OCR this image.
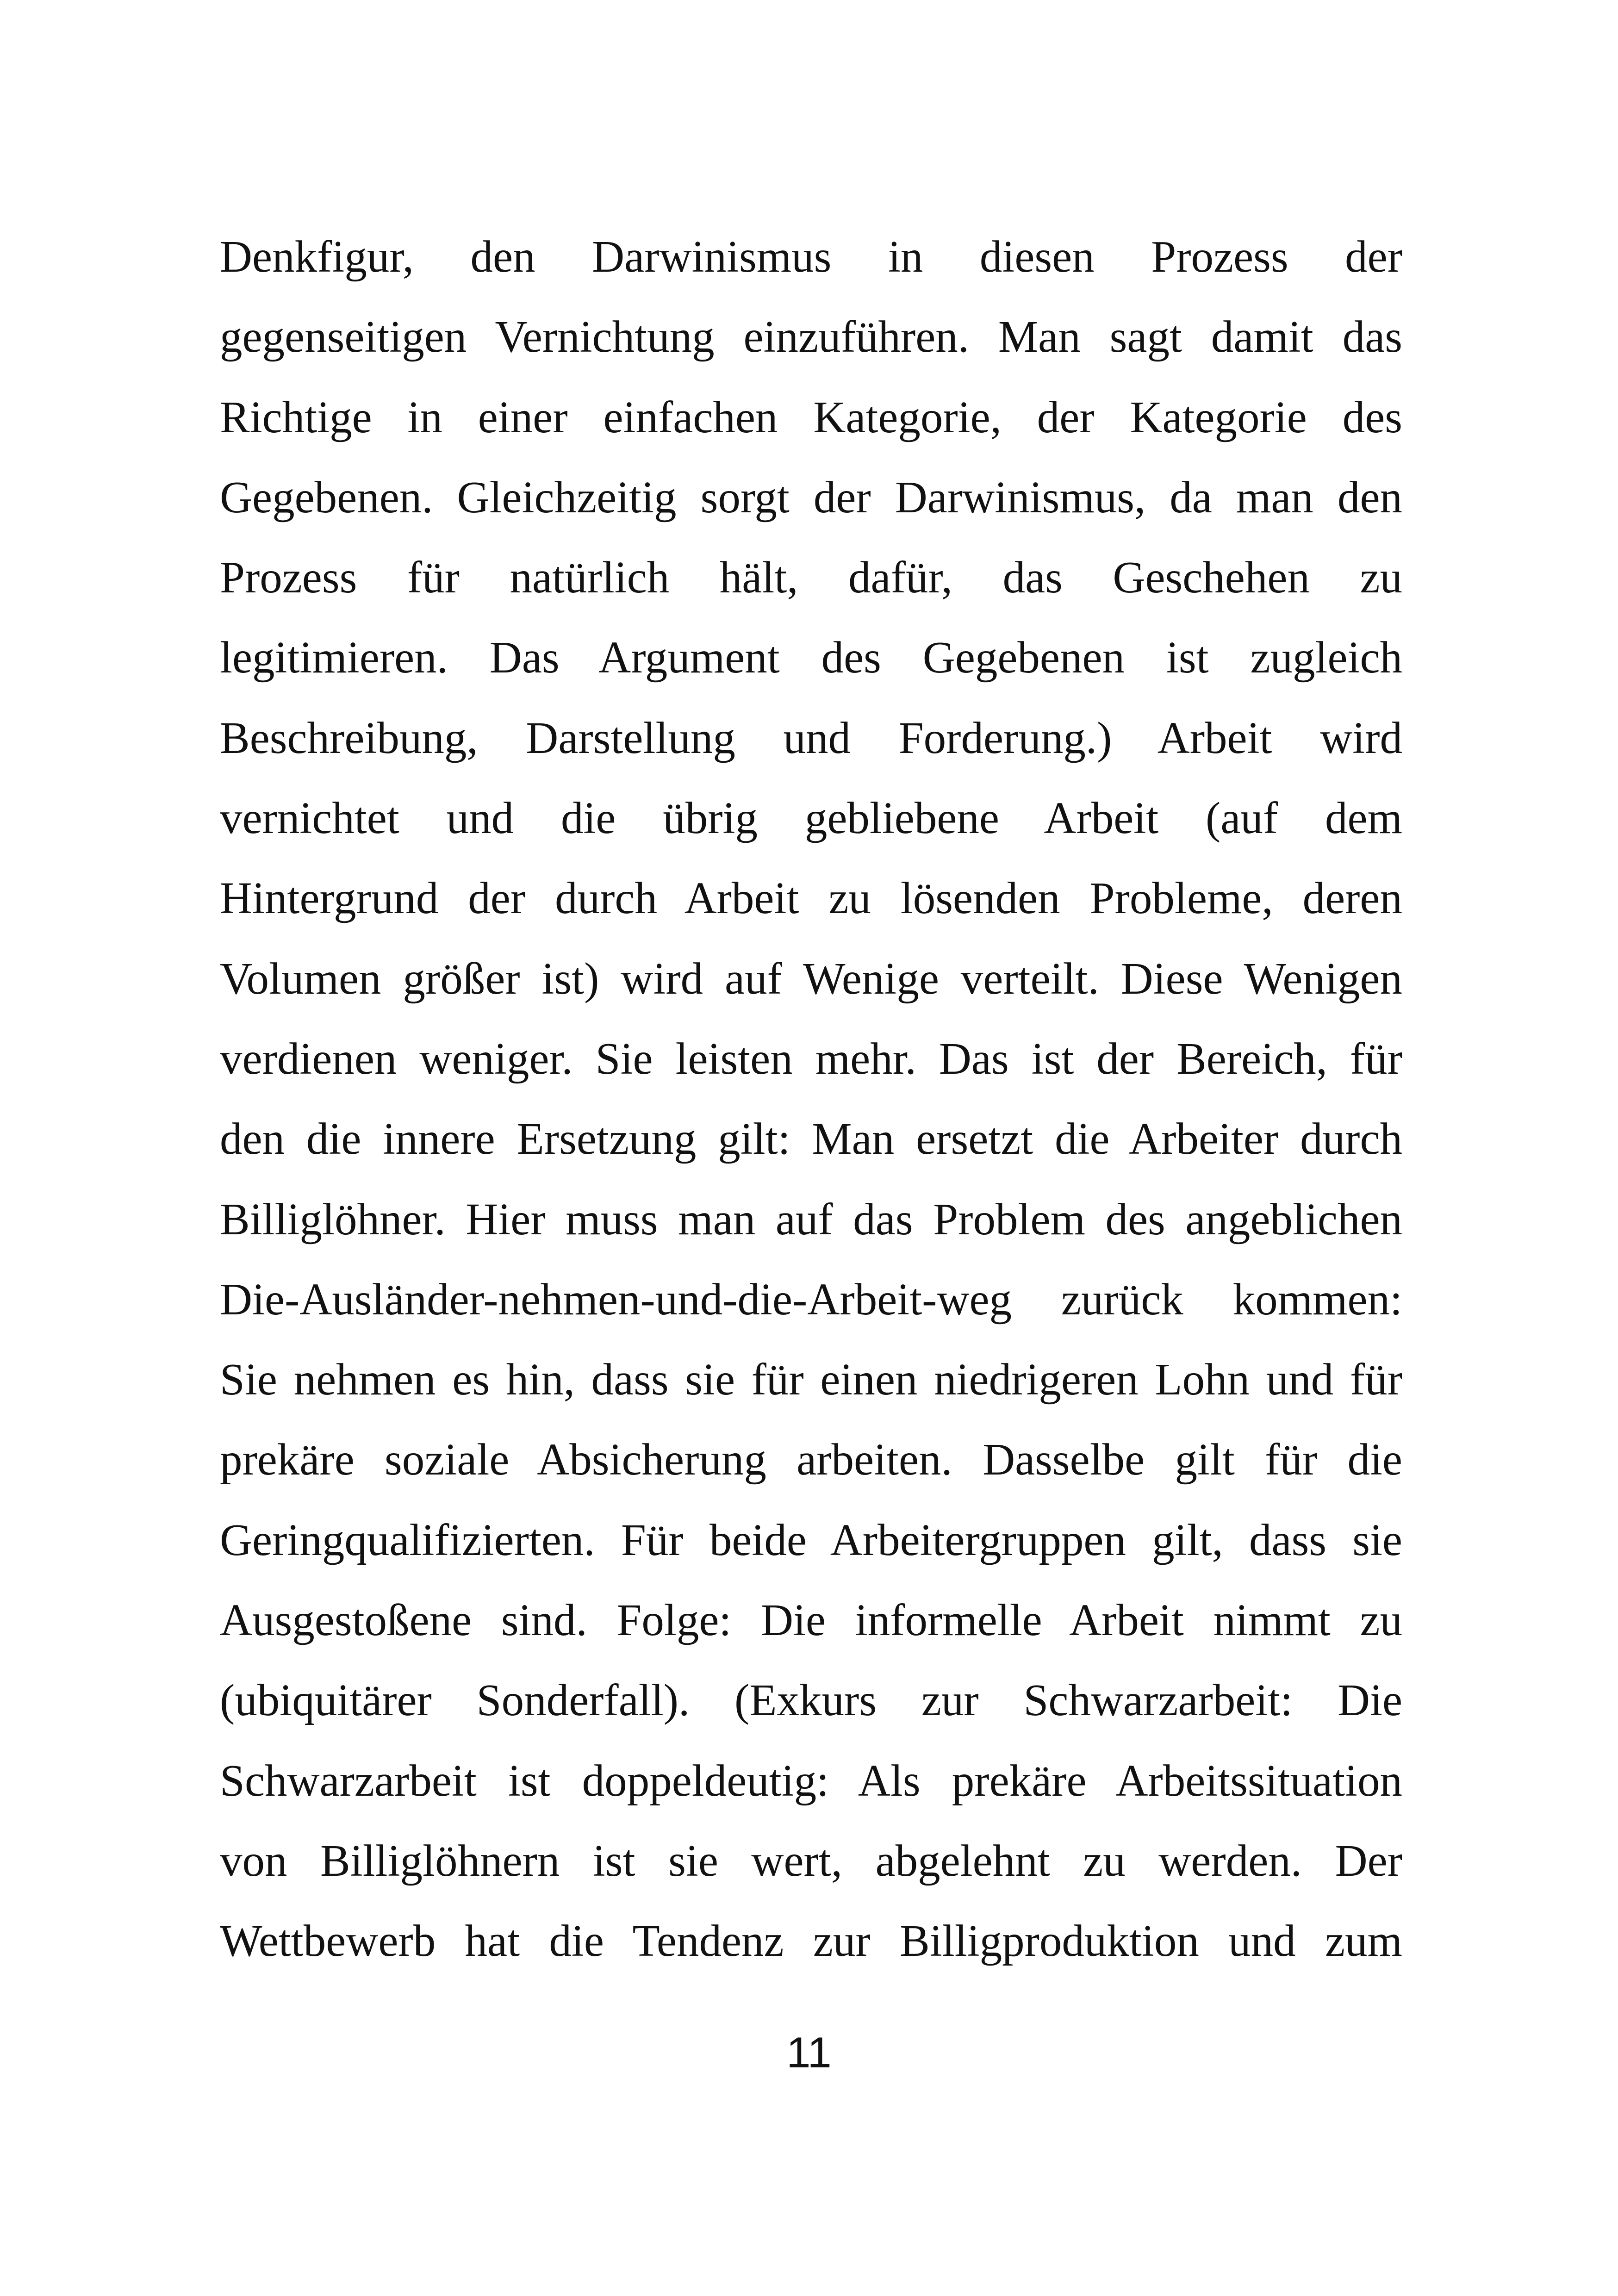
Denkfigur, den Darwinismus in diesen Prozess der
gegenseitigen Vernichtung einzuführen. Man sagt damit das
Richtige in einer einfachen Kategorie, der Kategorie des
Gegebenen. Gleichzeitig sorgt der Darwinismus, da man den
Prozess für natürlich hält, dafür, das Geschehen zu
legitimieren. Das Argument des Gegebenen ist zugleich
Beschreibung, Darstellung und Forderung.) Arbeit wird
vernichtet und die übrig gebliebene Arbeit (auf dem
Hintergrund der durch Arbeit zu lösenden Probleme, deren
Volumen größer ist) wird auf Wenige verteilt. Diese Wenigen
verdienen weniger. Sie leisten mehr. Das ist der Bereich, für
den die innere Ersetzung gilt: Man ersetzt die Arbeiter durch
Billiglöhner. Hier muss man auf das Problem des angeblichen
Die-Ausländer-nehmen-und-die-Arbeit-weg zurück kommen:
Sie nehmen es hin, dass sie für einen niedrigeren Lohn und für
prekäre soziale Absicherung arbeiten. Dasselbe gilt für die
Geringqualifizierten. Für beide Arbeitergruppen gilt, dass sie
Ausgestoßene sind. Folge: Die informelle Arbeit nimmt zu
(ubiquitärer Sonderfall). (Exkurs zur Schwarzarbeit: Die
Schwarzarbeit ist doppeldeutig: Als prekäre Arbeitssituation
von Billiglöhnern ist sie wert, abgelehnt zu werden. Der
Wettbewerb hat die Tendenz zur Billigproduktion und zum
11
